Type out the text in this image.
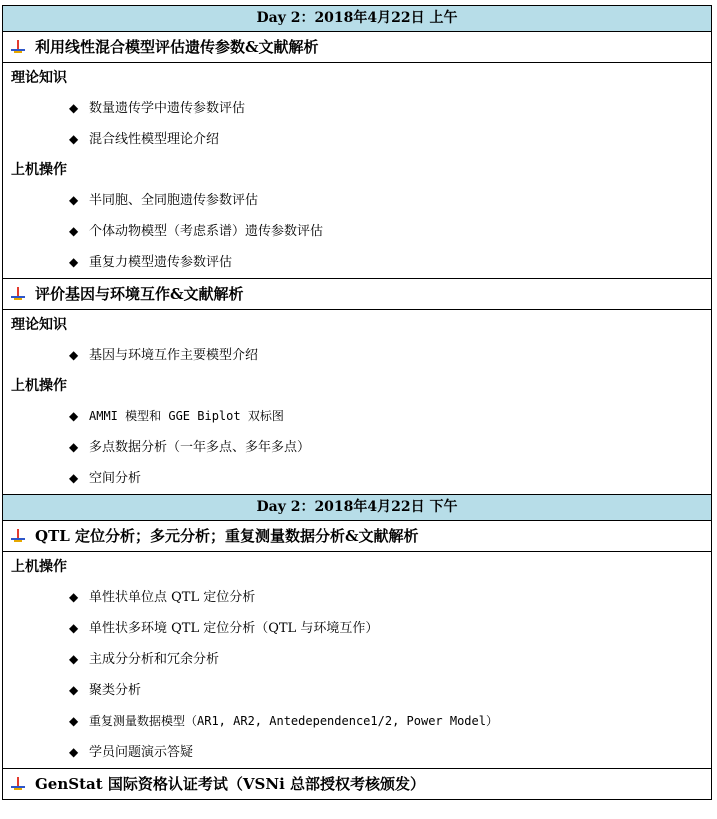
Day 2：2018年4月22日 上午
利用线性混合模型评估遗传参数&文献解析
理论知识
◆ 数量遗传学中遗传参数评估
◆ 混合线性模型理论介绍
上机操作
◆ 半同胞、全同胞遗传参数评估
◆ 个体动物模型（考虑系谱）遗传参数评估
◆ 重复力模型遗传参数评估
评价基因与环境互作&文献解析
理论知识
◆ 基因与环境互作主要模型介绍
上机操作
◆ AMMI 模型和 GGE Biplot 双标图
◆ 多点数据分析（一年多点、多年多点）
◆ 空间分析
Day 2：2018年4月22日 下午
QTL 定位分析；多元分析；重复测量数据分析&文献解析
上机操作
◆ 单性状单位点 QTL 定位分析
◆ 单性状多环境 QTL 定位分析（QTL 与环境互作）
◆ 主成分分析和冗余分析
◆ 聚类分析
◆ 重复测量数据模型（AR1, AR2, Antedependence1/2, Power Model）
◆ 学员问题演示答疑
GenStat 国际资格认证考试（VSNi 总部授权考核颁发）
